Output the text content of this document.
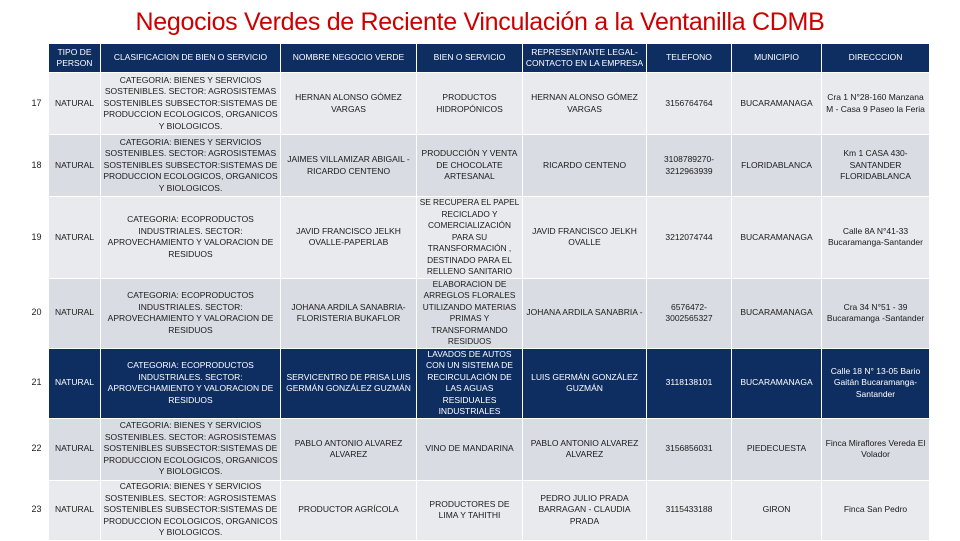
Negocios Verdes de Reciente Vinculación a la Ventanilla CDMB
	TIPO DE PERSON	CLASIFICACION DE BIEN O SERVICIO	NOMBRE NEGOCIO VERDE	BIEN O SERVICIO	REPRESENTANTE LEGAL- CONTACTO EN LA EMPRESA	TELEFONO	MUNICIPIO	DIRECCCION
17	NATURAL	CATEGORIA: BIENES Y SERVICIOS SOSTENIBLES. SECTOR: AGROSISTEMAS SOSTENIBLES SUBSECTOR:SISTEMAS DE PRODUCCION ECOLOGICOS, ORGANICOS Y BIOLOGICOS.	HERNAN ALONSO GÓMEZ VARGAS	PRODUCTOS HIDROPÓNICOS	HERNAN ALONSO GÓMEZ VARGAS	3156764764	BUCARAMANAGA	Cra 1 N°28-160 Manzana M - Casa 9 Paseo la Feria
18	NATURAL	CATEGORIA: BIENES Y SERVICIOS SOSTENIBLES. SECTOR: AGROSISTEMAS SOSTENIBLES SUBSECTOR:SISTEMAS DE PRODUCCION ECOLOGICOS, ORGANICOS Y BIOLOGICOS.	JAIMES VILLAMIZAR ABIGAIL - RICARDO CENTENO	PRODUCCIÓN Y VENTA DE CHOCOLATE ARTESANAL	RICARDO CENTENO	3108789270-3212963939	FLORIDABLANCA	Km 1 CASA 430- SANTANDER FLORIDABLANCA
19	NATURAL	CATEGORIA: ECOPRODUCTOS INDUSTRIALES. SECTOR: APROVECHAMIENTO Y VALORACION DE RESIDUOS	JAVID FRANCISCO JELKH OVALLE-PAPERLAB	SE RECUPERA EL PAPEL RECICLADO Y COMERCIALIZACIÓN PARA SU TRANSFORMACIÓN , DESTINADO PARA EL RELLENO SANITARIO	JAVID FRANCISCO JELKH OVALLE	3212074744	BUCARAMANAGA	Calle 8A N°41-33 Bucaramanga-Santander
20	NATURAL	CATEGORIA: ECOPRODUCTOS INDUSTRIALES. SECTOR: APROVECHAMIENTO Y VALORACION DE RESIDUOS	JOHANA ARDILA SANABRIA- FLORISTERIA BUKAFLOR	ELABORACION DE ARREGLOS FLORALES UTILIZANDO MATERIAS PRIMAS Y TRANSFORMANDO RESIDUOS	JOHANA ARDILA SANABRIA -	6576472-3002565327	BUCARAMANAGA	Cra 34 N°51 - 39 Bucaramanga -Santander
21	NATURAL	CATEGORIA: ECOPRODUCTOS INDUSTRIALES. SECTOR: APROVECHAMIENTO Y VALORACION DE RESIDUOS	SERVICENTRO DE PRISA LUIS GERMÁN GONZÁLEZ GUZMÁN	LAVADOS DE AUTOS CON UN SISTEMA DE RECIRCULACIÓN DE LAS AGUAS RESIDUALES INDUSTRIALES	LUIS GERMÁN GONZÁLEZ GUZMÁN	3118138101	BUCARAMANAGA	Calle 18 N° 13-05 Bario Gaitán Bucaramanga- Santander
22	NATURAL	CATEGORIA: BIENES Y SERVICIOS SOSTENIBLES. SECTOR: AGROSISTEMAS SOSTENIBLES SUBSECTOR:SISTEMAS DE PRODUCCION ECOLOGICOS, ORGANICOS Y BIOLOGICOS.	PABLO ANTONIO ALVAREZ ALVAREZ	VINO DE MANDARINA	PABLO ANTONIO ALVAREZ ALVAREZ	3156856031	PIEDECUESTA	Finca Miraflores Vereda El Volador
23	NATURAL	CATEGORIA: BIENES Y SERVICIOS SOSTENIBLES. SECTOR: AGROSISTEMAS SOSTENIBLES SUBSECTOR:SISTEMAS DE PRODUCCION ECOLOGICOS, ORGANICOS Y BIOLOGICOS.	PRODUCTOR AGRÍCOLA	PRODUCTORES DE LIMA Y TAHITHI	PEDRO JULIO PRADA BARRAGAN - CLAUDIA PRADA	3115433188	GIRON	Finca San Pedro
